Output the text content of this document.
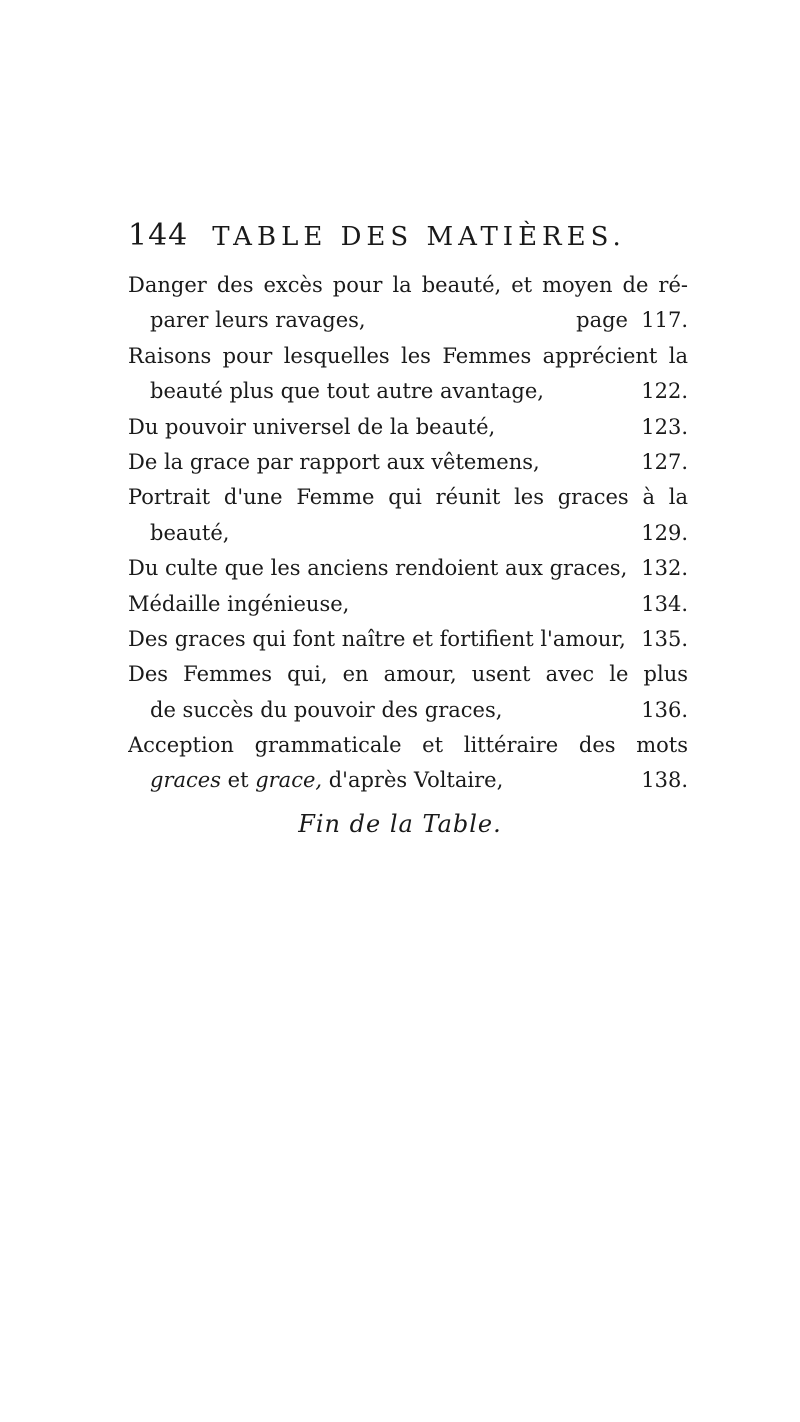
144 TABLE DES MATIÈRES.
Danger des excès pour la beauté, et moyen de ré-
parer leurs ravages,	page 117.
Raisons pour lesquelles les Femmes apprécient la
beauté plus que tout autre avantage,	122.
Du pouvoir universel de la beauté,	123.
De la grace par rapport aux vêtemens,	127.
Portrait d'une Femme qui réunit les graces à la
beauté,	129.
Du culte que les anciens rendoient aux graces, 132.
Médaille ingénieuse,	134.
Des graces qui font naître et fortifient l'amour, 135.
Des Femmes qui, en amour, usent avec le plus
de succès du pouvoir des graces,	136.
Acception grammaticale et littéraire des mots
graces et grace, d'après Voltaire,	138.
Fin de la Table.
